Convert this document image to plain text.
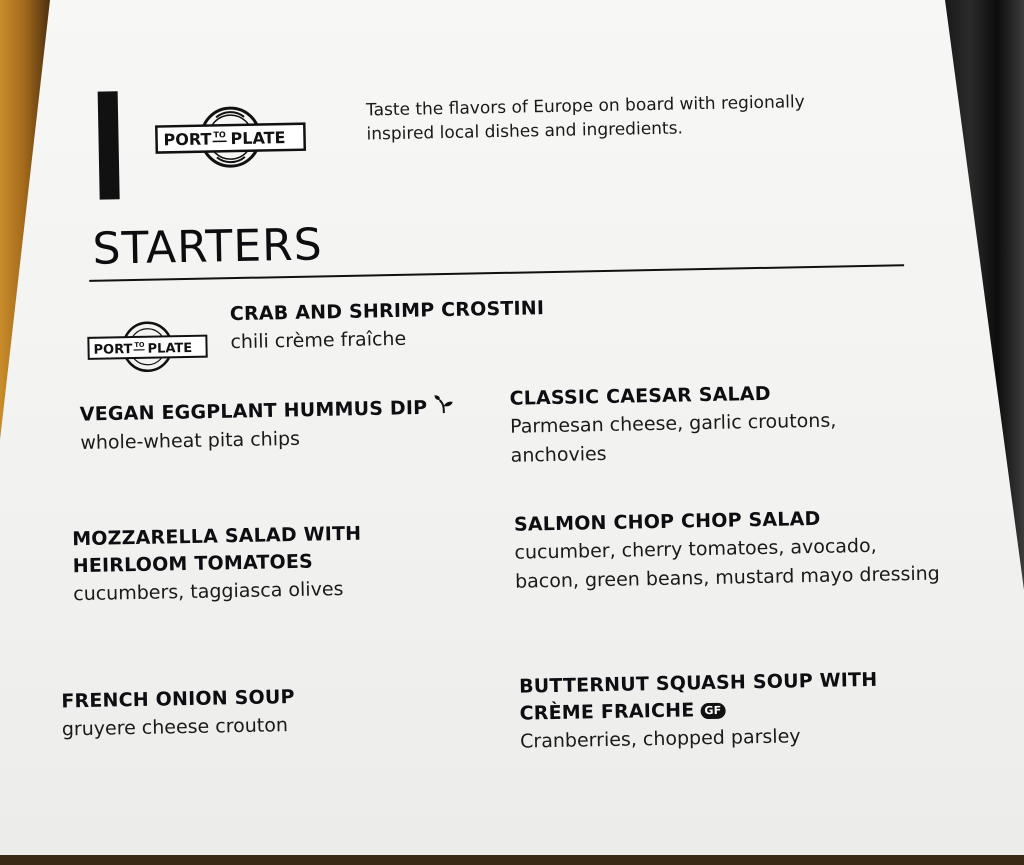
PORT TO PLATE
Taste the flavors of Europe on board with regionally inspired local dishes and ingredients.
STARTERS
PORT TO PLATE

CRAB AND SHRIMP CROSTINI

chili crème fraîche

VEGAN EGGPLANT HUMMUS DIP

whole-wheat pita chips

CLASSIC CAESAR SALAD

Parmesan cheese, garlic croutons, anchovies

MOZZARELLA SALAD WITH HEIRLOOM TOMATOES

cucumbers, taggiasca olives

SALMON CHOP CHOP SALAD

cucumber, cherry tomatoes, avocado, bacon, green beans, mustard mayo dressing

FRENCH ONION SOUP

gruyere cheese crouton

BUTTERNUT SQUASH SOUP WITH CRÈME FRAICHE GF

Cranberries, chopped parsley
